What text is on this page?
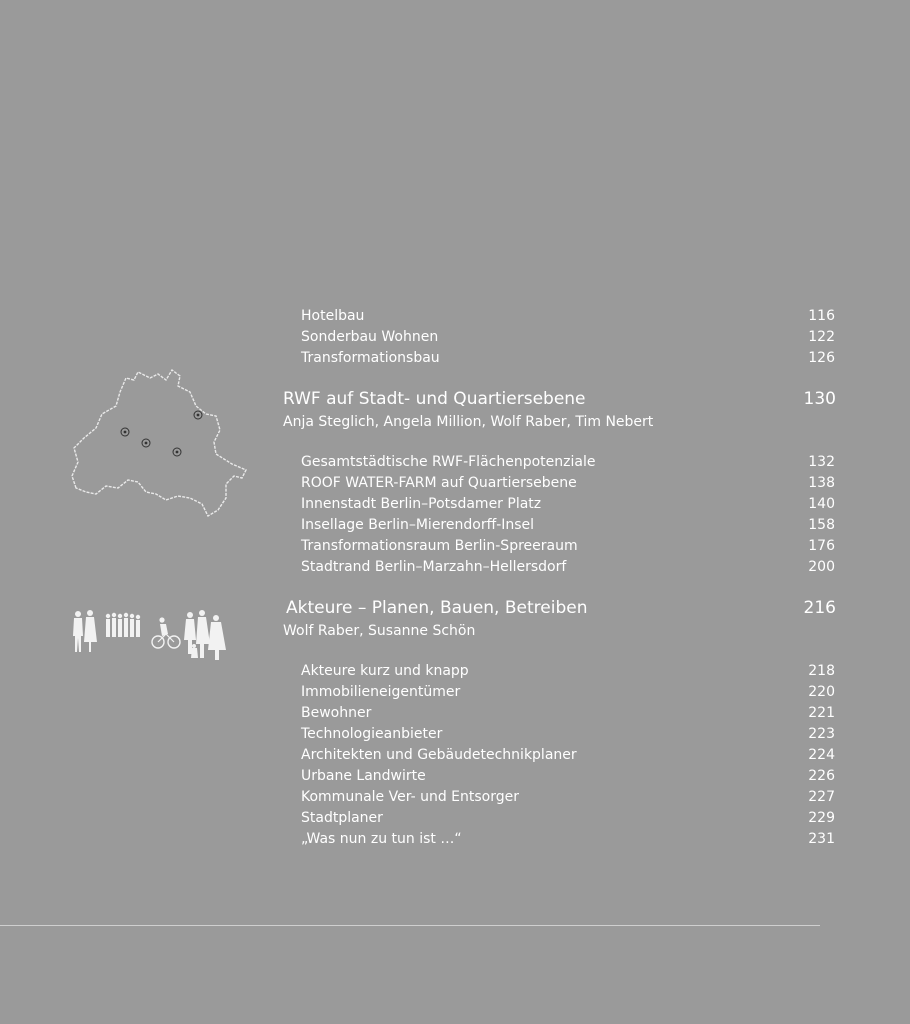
Hotelbau	116
Sonderbau Wohnen	122
Transformationsbau	126
RWF auf Stadt- und Quartiersebene	130
Anja Steglich, Angela Million, Wolf Raber, Tim Nebert
Gesamtstädtische RWF-Flächenpotenziale	132
ROOF WATER-FARM auf Quartiersebene	138
Innenstadt Berlin–Potsdamer Platz	140
Insellage Berlin–Mierendorff-Insel	158
Transformationsraum Berlin-Spreeraum	176
Stadtrand Berlin–Marzahn–Hellersdorf	200
Akteure – Planen, Bauen, Betreiben	216
Wolf Raber, Susanne Schön
Akteure kurz und knapp	218
Immobilieneigentümer	220
Bewohner	221
Technologieanbieter	223
Architekten und Gebäudetechnikplaner	224
Urbane Landwirte	226
Kommunale Ver- und Entsorger	227
Stadtplaner	229
„Was nun zu tun ist …“	231
